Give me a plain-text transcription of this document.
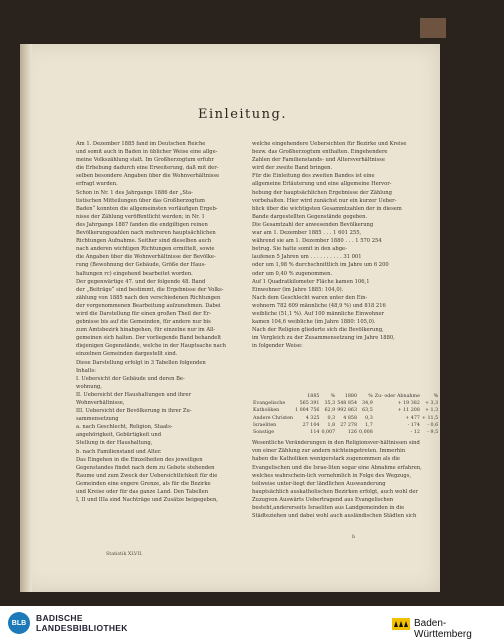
Einleitung.
Am 1. Dezember 1885 fand im Deutschen Reiche
und somit auch in Baden in üblicher Weise eine allge-
meine Volkszählung statt. Im Großherzogtum erfuhr
die Erhebung dadurch eine Erweiterung, daß mit der-
selben besondere Angaben über die Wohnverhältnisse
erfragt wurden.
Schon in Nr. 1 des Jahrgangs 1886 der „Sta-
tistischen Mitteilungen über das Großherzogtum
Baden“ konnten die allgemeinsten vorläufigen Ergeb-
nisse der Zählung veröffentlicht werden; in Nr. 1
des Jahrgangs 1887 fanden die endgiltigen reinen
Bevölkerungszahlen nach mehreren hauptsächlichen
Richtungen Aufnahme. Seither sind dieselben auch
nach anderen wichtigen Richtungen ermittelt, sowie
die Angaben über die Wohnverhältnisse der Bevölke-
rung (Bewohnung der Gebäude, Größe der Haus-
haltungen rc) eingehend bearbeitet worden.
Der gegenwärtige 47. und der folgende 48. Band
der „Beiträge“ sind bestimmt, die Ergebnisse der Volks-
zählung von 1885 nach den verschiedenen Richtungen
der vorgenommenen Bearbeitung aufzunehmen. Dabei
wird die Darstellung für einen großen Theil der Er-
gebnisse bis auf die Gemeinden, für andere nur bis
zum Amtsbezirk hinabgehen, für einzelne nur im All-
gemeinen sich halten. Der vorliegende Band behandelt
diejenigen Gegenstände, welche in der Hauptsache nach
einzelnen Gemeinden dargestellt sind.
Diese Darstellung erfolgt in 3 Tabellen folgenden
Inhalts:
I. Uebersicht der Gebäude und deren Be-
wohnung,
II. Uebersicht der Haushaltungen und ihrer
Wohnverhältnisse,
III. Uebersicht der Bevölkerung in ihrer Zu-
sammensetzung
a. nach Geschlecht, Religion, Staats-
angehörigkeit, Gebürtigkeit und
Stellung in der Haushaltung,
b. nach Familienstand und Alter.
Das Eingehen in die Einzelheiten des jeweiligen
Gegenstandes findet nach dem zu Gebote stehenden
Raume und zum Zweck der Uebersichtlichkeit für die
Gemeinden eine engere Grenze, als für die Bezirke
und Kreise oder für das ganze Land. Den Tabellen
I, II und IIIa sind Nachträge und Zusätze beigegeben,
welche eingehendere Uebersichten für Bezirke und Kreise
bezw. das Großherzogtum enthalten. Eingehendere
Zahlen der Familienstands- und Altersverhältnisse
wird der zweite Band bringen.
Für die Einleitung des zweiten Bandes ist eine
allgemeine Erläuterung und eine allgemeine Hervor-
hebung der hauptsächlichen Ergebnisse der Zählung
vorbehalten. Hier wird zunächst nur ein kurzer Ueber-
blick über die wichtigsten Gesammtzahlen der in diesem
Bande dargestellten Gegenstände gegeben.
Die Gesamtzahl der anwesenden Bevölkerung
war am 1. Dezember 1885 . . . 1 601 255,
während sie am 1. Dezember 1880 . . . 1 570 254
betrug. Sie hatte somit in den abge-
laufenen 5 Jahren um . . . . . . . . . . 31 001
oder um 1,98 % durchschnittlich im Jahre um 6 200
oder um 0,40 % zugenommen.
Auf 1 Quadratkilometer Fläche kamen 106,1
Einwohner (im Jahre 1885: 104,0).
Nach dem Geschlecht waren unter den Ein-
wohnern 782 609 männliche (48,9 %) und 818 216
weibliche (51,1 %). Auf 100 männliche Einwohner
kamen 104,6 weibliche (im Jahre 1880: 105,0).
Nach der Religion gliederte sich die Bevölkerung,
im Vergleich zu der Zusammensetzung im Jahre 1880,
in folgender Weise:
	1885	%	1880	%	Zu- oder Abnahme	%
Evangelische	565 391	35,3	548 854	34,9	+ 19 382	+ 3,3
Katholiken	1 004 756	62,9	992 863	63,5	+ 11 208	+ 1,3
Andere Christen	4 325	0,3	4 858	0,3	+ 477	+ 11,5
Israeliten	27 104	1,8	27 278	1,7	- 174	- 0,6
Sonstige	114	0,007	126	0,008	- 12	- 9,5
Wesentliche Veränderungen in den Religionsver-hältnissen sind von einer Zählung zur andern nichteingetreten. Immerhin haben die Katholiken wenigerstark zugenommen als die Evangelischen und die Israe-liten sogar eine Abnahme erfahren, welches wahrschein-lich vornehmlich in Folge des Wegzugs, teilweise unter-liegt der ländlichen Auswanderung hauptsächlich auskatholischen Bezirken erfolgt, auch wohl der Zuzugvon Auswärts Uebertragend aus Evangelischen besteht,andererseits Israeliten aus Landgemeinden in die Städteziehen und dabei wohl auch ausländischen Städten sich
b
Statistik XLVII.
BLB	BADISCHE
LANDESBIBLIOTHEK	Baden-Württemberg
